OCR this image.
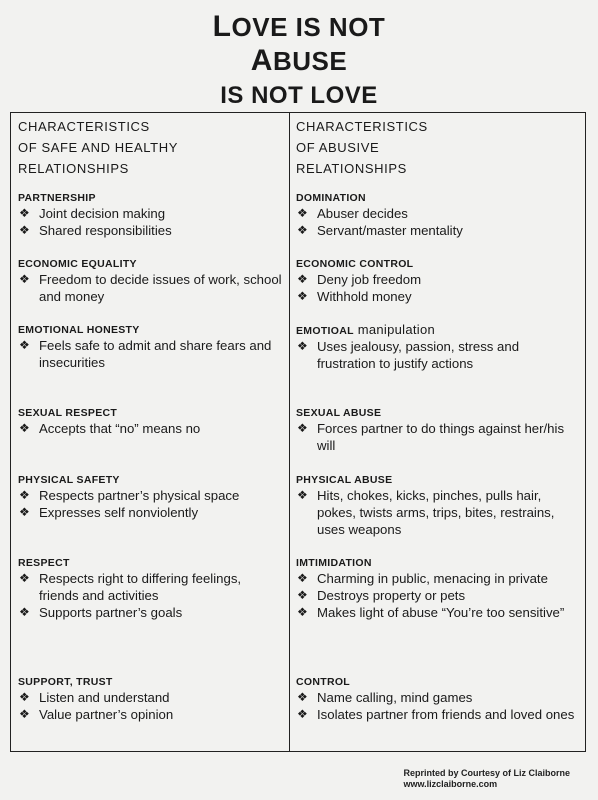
LOVE IS NOT
ABUSE
IS NOT LOVE
CHARACTERISTICS
OF SAFE AND HEALTHY
RELATIONSHIPS
PARTNERSHIP
❖ Joint decision making
❖ Shared responsibilities
ECONOMIC EQUALITY
❖ Freedom to decide issues of work, school and money
EMOTIONAL HONESTY
❖ Feels safe to admit and share fears and insecurities
SEXUAL RESPECT
❖ Accepts that “no” means no
PHYSICAL SAFETY
❖ Respects partner’s physical space
❖ Expresses self nonviolently
RESPECT
❖ Respects right to differing feelings, friends and activities
❖ Supports partner’s goals
SUPPORT, TRUST
❖ Listen and understand
❖ Value partner’s opinion
CHARACTERISTICS
OF ABUSIVE
RELATIONSHIPS
DOMINATION
❖ Abuser decides
❖ Servant/master mentality
ECONOMIC CONTROL
❖ Deny job freedom
❖ Withhold money
EMOTIOAL manipulation
❖ Uses jealousy, passion, stress and frustration to justify actions
SEXUAL ABUSE
❖ Forces partner to do things against her/his will
PHYSICAL ABUSE
❖ Hits, chokes, kicks, pinches, pulls hair, pokes, twists arms, trips, bites, restrains, uses weapons
IMTIMIDATION
❖ Charming in public, menacing in private
❖ Destroys property or pets
❖ Makes light of abuse “You’re too sensitive”
CONTROL
❖ Name calling, mind games
❖ Isolates partner from friends and loved ones
Reprinted by Courtesy of Liz Claiborne
www.lizclaiborne.com
